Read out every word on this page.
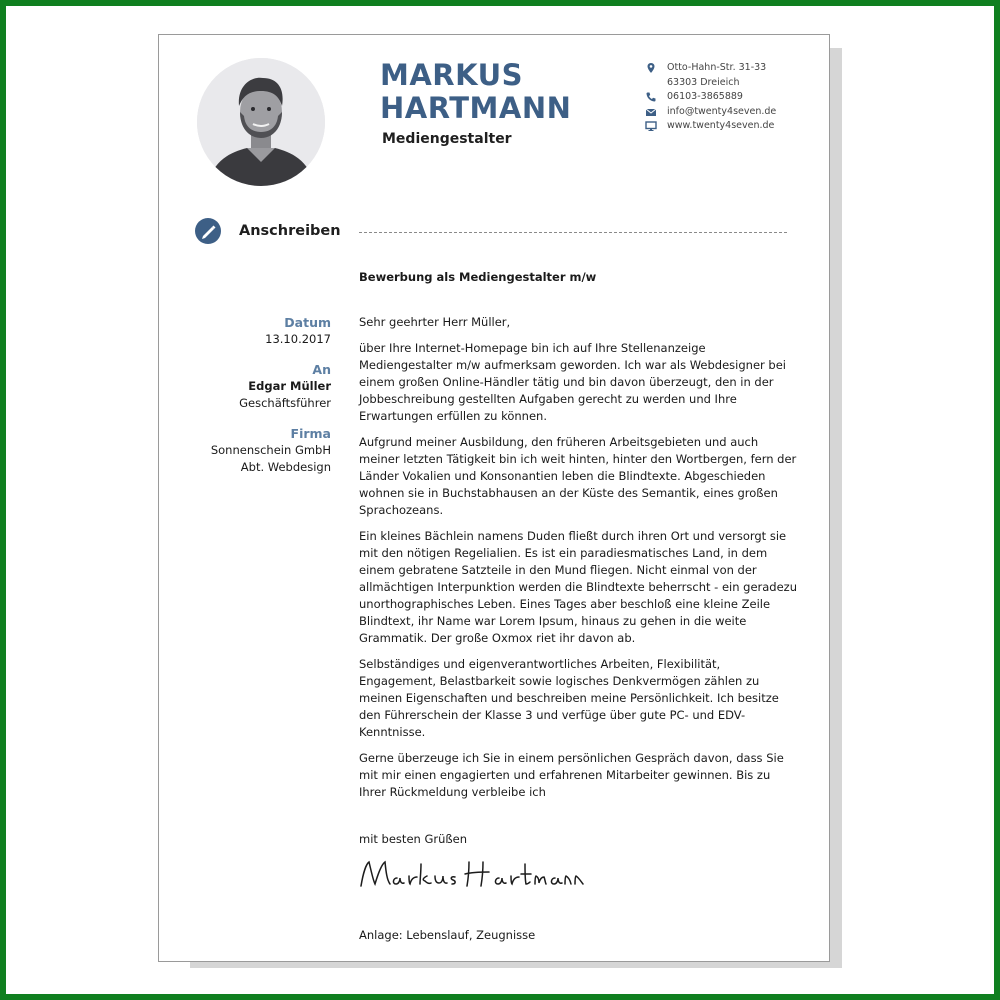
MARKUS
HARTMANN
Mediengestalter
Otto-Hahn-Str. 31-33
63303 Dreieich
06103-3865889
info@twenty4seven.de
www.twenty4seven.de
Anschreiben
Bewerbung als Mediengestalter m/w
Datum
13.10.2017
An
Edgar Müller
Geschäftsführer
Firma
Sonnenschein GmbH
Abt. Webdesign

Sehr geehrter Herr Müller,

über Ihre Internet-Homepage bin ich auf Ihre Stellenanzeige Mediengestalter m/w aufmerksam geworden. Ich war als Webdesigner bei einem großen Online-Händler tätig und bin davon überzeugt, den in der Jobbeschreibung gestellten Aufgaben gerecht zu werden und Ihre Erwartungen erfüllen zu können.

Aufgrund meiner Ausbildung, den früheren Arbeitsgebieten und auch meiner letzten Tätigkeit bin ich weit hinten, hinter den Wortbergen, fern der Länder Vokalien und Konsonantien leben die Blindtexte. Abgeschieden wohnen sie in Buchstabhausen an der Küste des Semantik, eines großen Sprachozeans.

Ein kleines Bächlein namens Duden fließt durch ihren Ort und versorgt sie mit den nötigen Regelialien. Es ist ein paradiesmatisches Land, in dem einem gebratene Satzteile in den Mund fliegen. Nicht einmal von der allmächtigen Interpunktion werden die Blindtexte beherrscht - ein geradezu unorthographisches Leben. Eines Tages aber beschloß eine kleine Zeile Blindtext, ihr Name war Lorem Ipsum, hinaus zu gehen in die weite Grammatik. Der große Oxmox riet ihr davon ab.

Selbständiges und eigenverantwortliches Arbeiten, Flexibilität, Engagement, Belastbarkeit sowie logisches Denkvermögen zählen zu meinen Eigenschaften und beschreiben meine Persönlichkeit. Ich besitze den Führerschein der Klasse 3 und verfüge über gute PC- und EDV-Kenntnisse.

Gerne überzeuge ich Sie in einem persönlichen Gespräch davon, dass Sie mit mir einen engagierten und erfahrenen Mitarbeiter gewinnen. Bis zu Ihrer Rückmeldung verbleibe ich

mit besten Grüßen
Anlage: Lebenslauf, Zeugnisse
